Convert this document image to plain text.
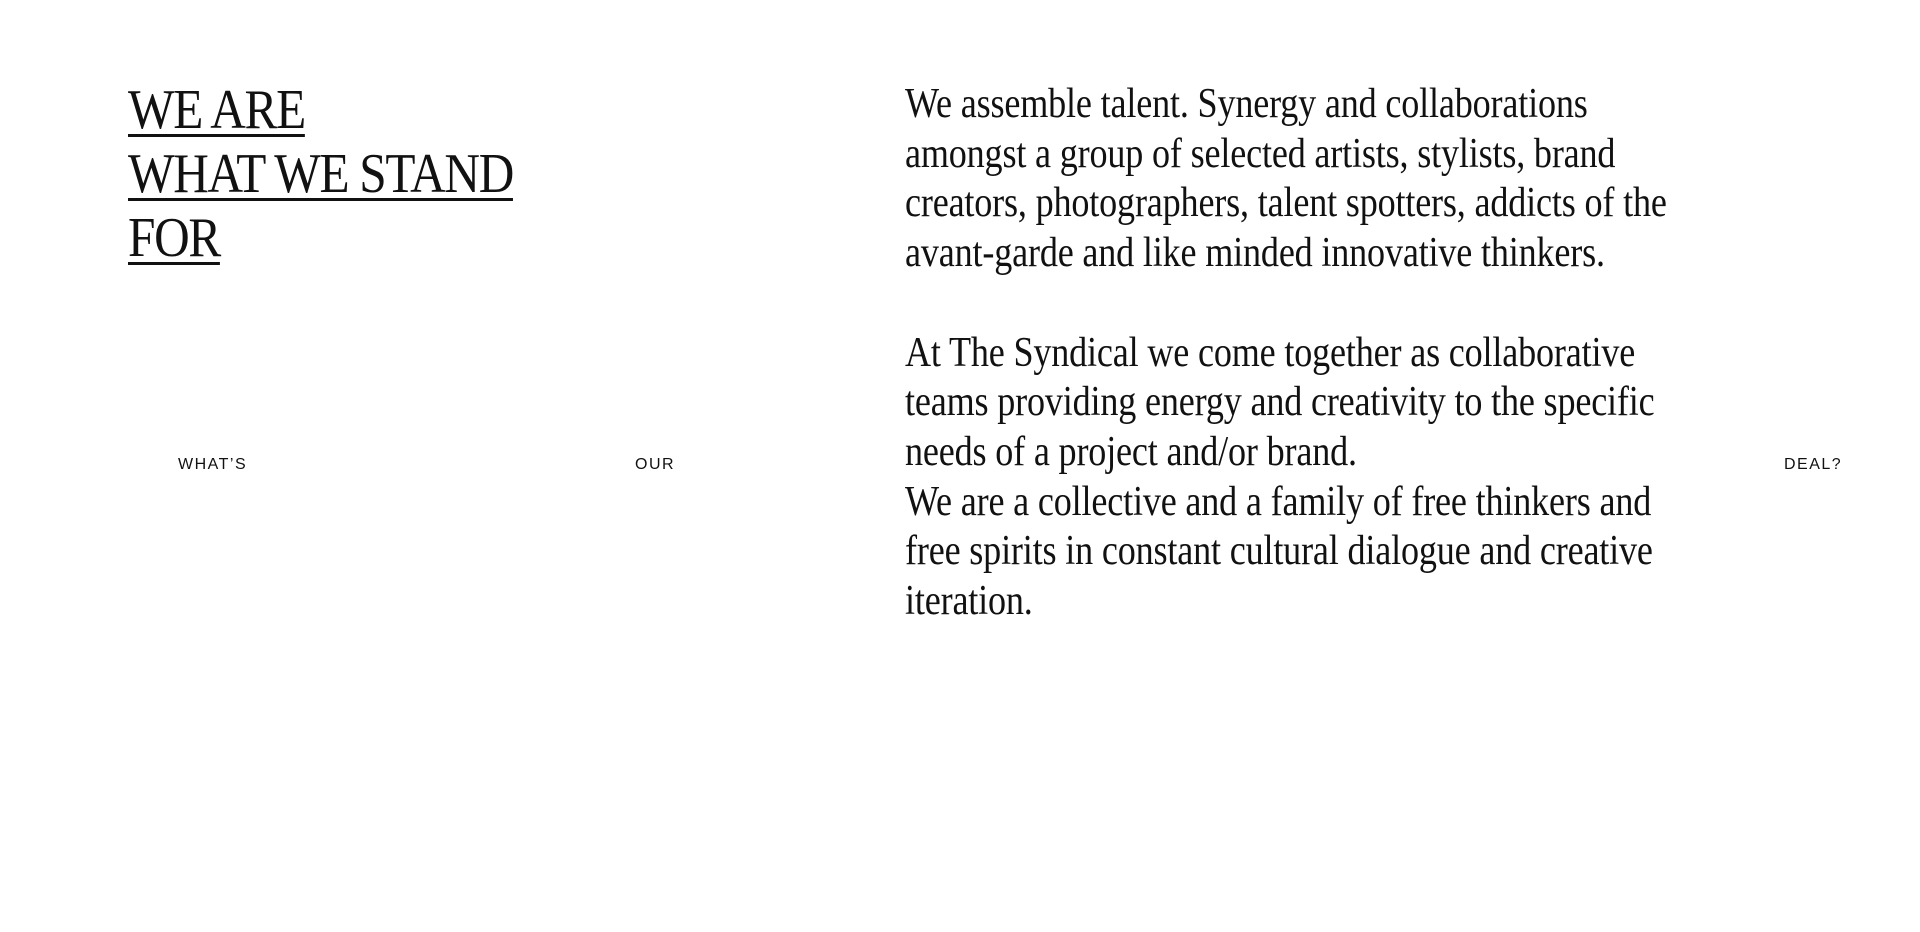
WE ARE
WHAT WE STAND
FOR

We assemble talent. Synergy and collaborations amongst a group of selected artists, stylists, brand creators, photographers, talent spotters, addicts of the avant-garde and like minded innovative thinkers.

At The Syndical we come together as collaborative teams providing energy and creativity to the specific needs of a project and/or brand.

We are a collective and a family of free thinkers and free spirits in constant cultural dialogue and creative iteration.

WHAT’S	OUR	DEAL?
